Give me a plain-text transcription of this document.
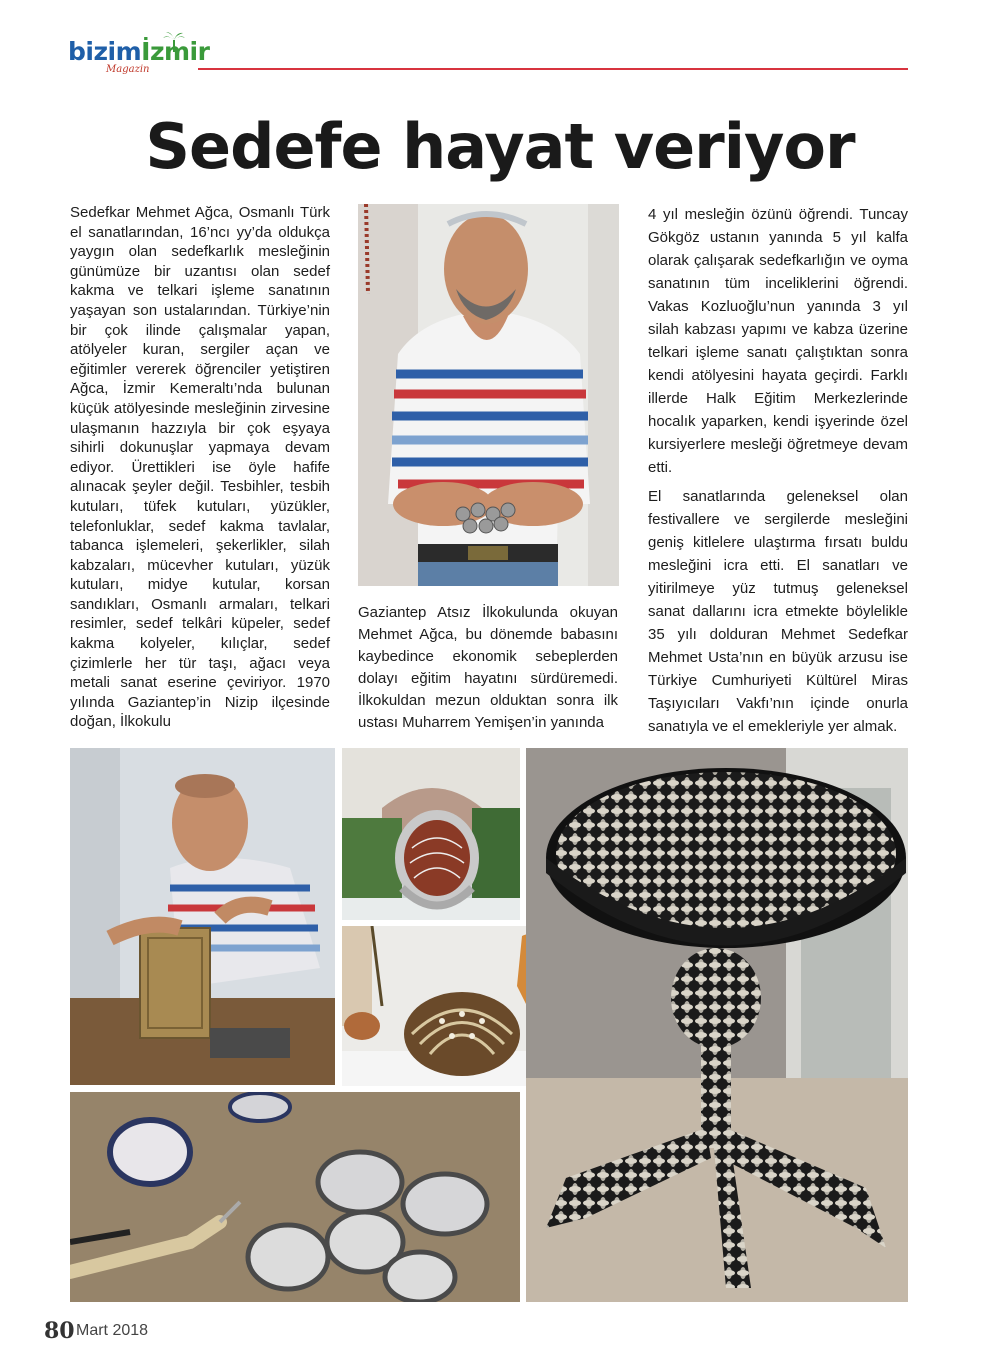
bizimİzmir
Magazin
Sedefe hayat veriyor
Sedefkar Mehmet Ağca, Osmanlı Türk el sanatlarından, 16’ncı yy’da oldukça yaygın olan sedefkarlık mesleğinin günümüze bir uzantısı olan sedef kakma ve telkari işleme sanatının yaşayan son ustalarından. Türkiye’nin bir çok ilinde çalışmalar yapan, atölyeler kuran, sergiler açan ve eğitimler vererek öğrenciler yetiştiren Ağca, İzmir Kemeraltı’nda bulunan küçük atölyesinde mesleğinin zirvesine ulaşmanın hazzıyla bir çok eşyaya sihirli dokunuşlar yapmaya devam ediyor. Ürettikleri ise öyle hafife alınacak şeyler değil. Tesbihler, tesbih kutuları, tüfek kutuları, yüzükler, telefonluklar, sedef kakma tavlalar, tabanca işlemeleri, şekerlikler, silah kabzaları, mücevher kutuları, yüzük kutuları, midye kutular, korsan sandıkları, Osmanlı armaları, telkari resimler, sedef telkâri küpeler, sedef kakma kolyeler, kılıçlar, sedef çizimlerle her tür taşı, ağacı veya metali sanat eserine çeviriyor. 1970 yılında Gaziantep’in Nizip ilçesinde doğan, İlkokulu
Gaziantep Atsız İlkokulunda okuyan Mehmet Ağca, bu dönemde babasını kaybedince ekonomik sebeplerden dolayı eğitim hayatını sürdüremedi. İlkokuldan mezun olduktan sonra ilk ustası Muharrem Yemişen’in yanında

4 yıl mesleğin özünü öğrendi. Tuncay Gökgöz ustanın yanında 5 yıl kalfa olarak çalışarak sedefkarlığın ve oyma sanatının tüm inceliklerini öğrendi. Vakas Kozluoğlu’nun yanında 3 yıl silah kabzası yapımı ve kabza üzerine telkari işleme sanatı çalıştıktan sonra kendi atölyesini hayata geçirdi. Farklı illerde Halk Eğitim Merkezlerinde hocalık yaparken, kendi işyerinde özel kursiyerlere mesleği öğretmeye devam etti.

El sanatlarında geleneksel olan festivallere ve sergilerde mesleğini geniş kitlelere ulaştırma fırsatı buldu mesleğini icra etti. El sanatları ve yitirilmeye yüz tutmuş geleneksel sanat dallarını icra etmekte böylelikle 35 yılı dolduran Mehmet Sedefkar Mehmet Usta’nın en büyük arzusu ise Türkiye Cumhuriyeti Kültürel Miras Taşıyıcıları Vakfı’nın içinde onurla sanatıyla ve el emekleriyle yer almak.

80 Mart 2018
